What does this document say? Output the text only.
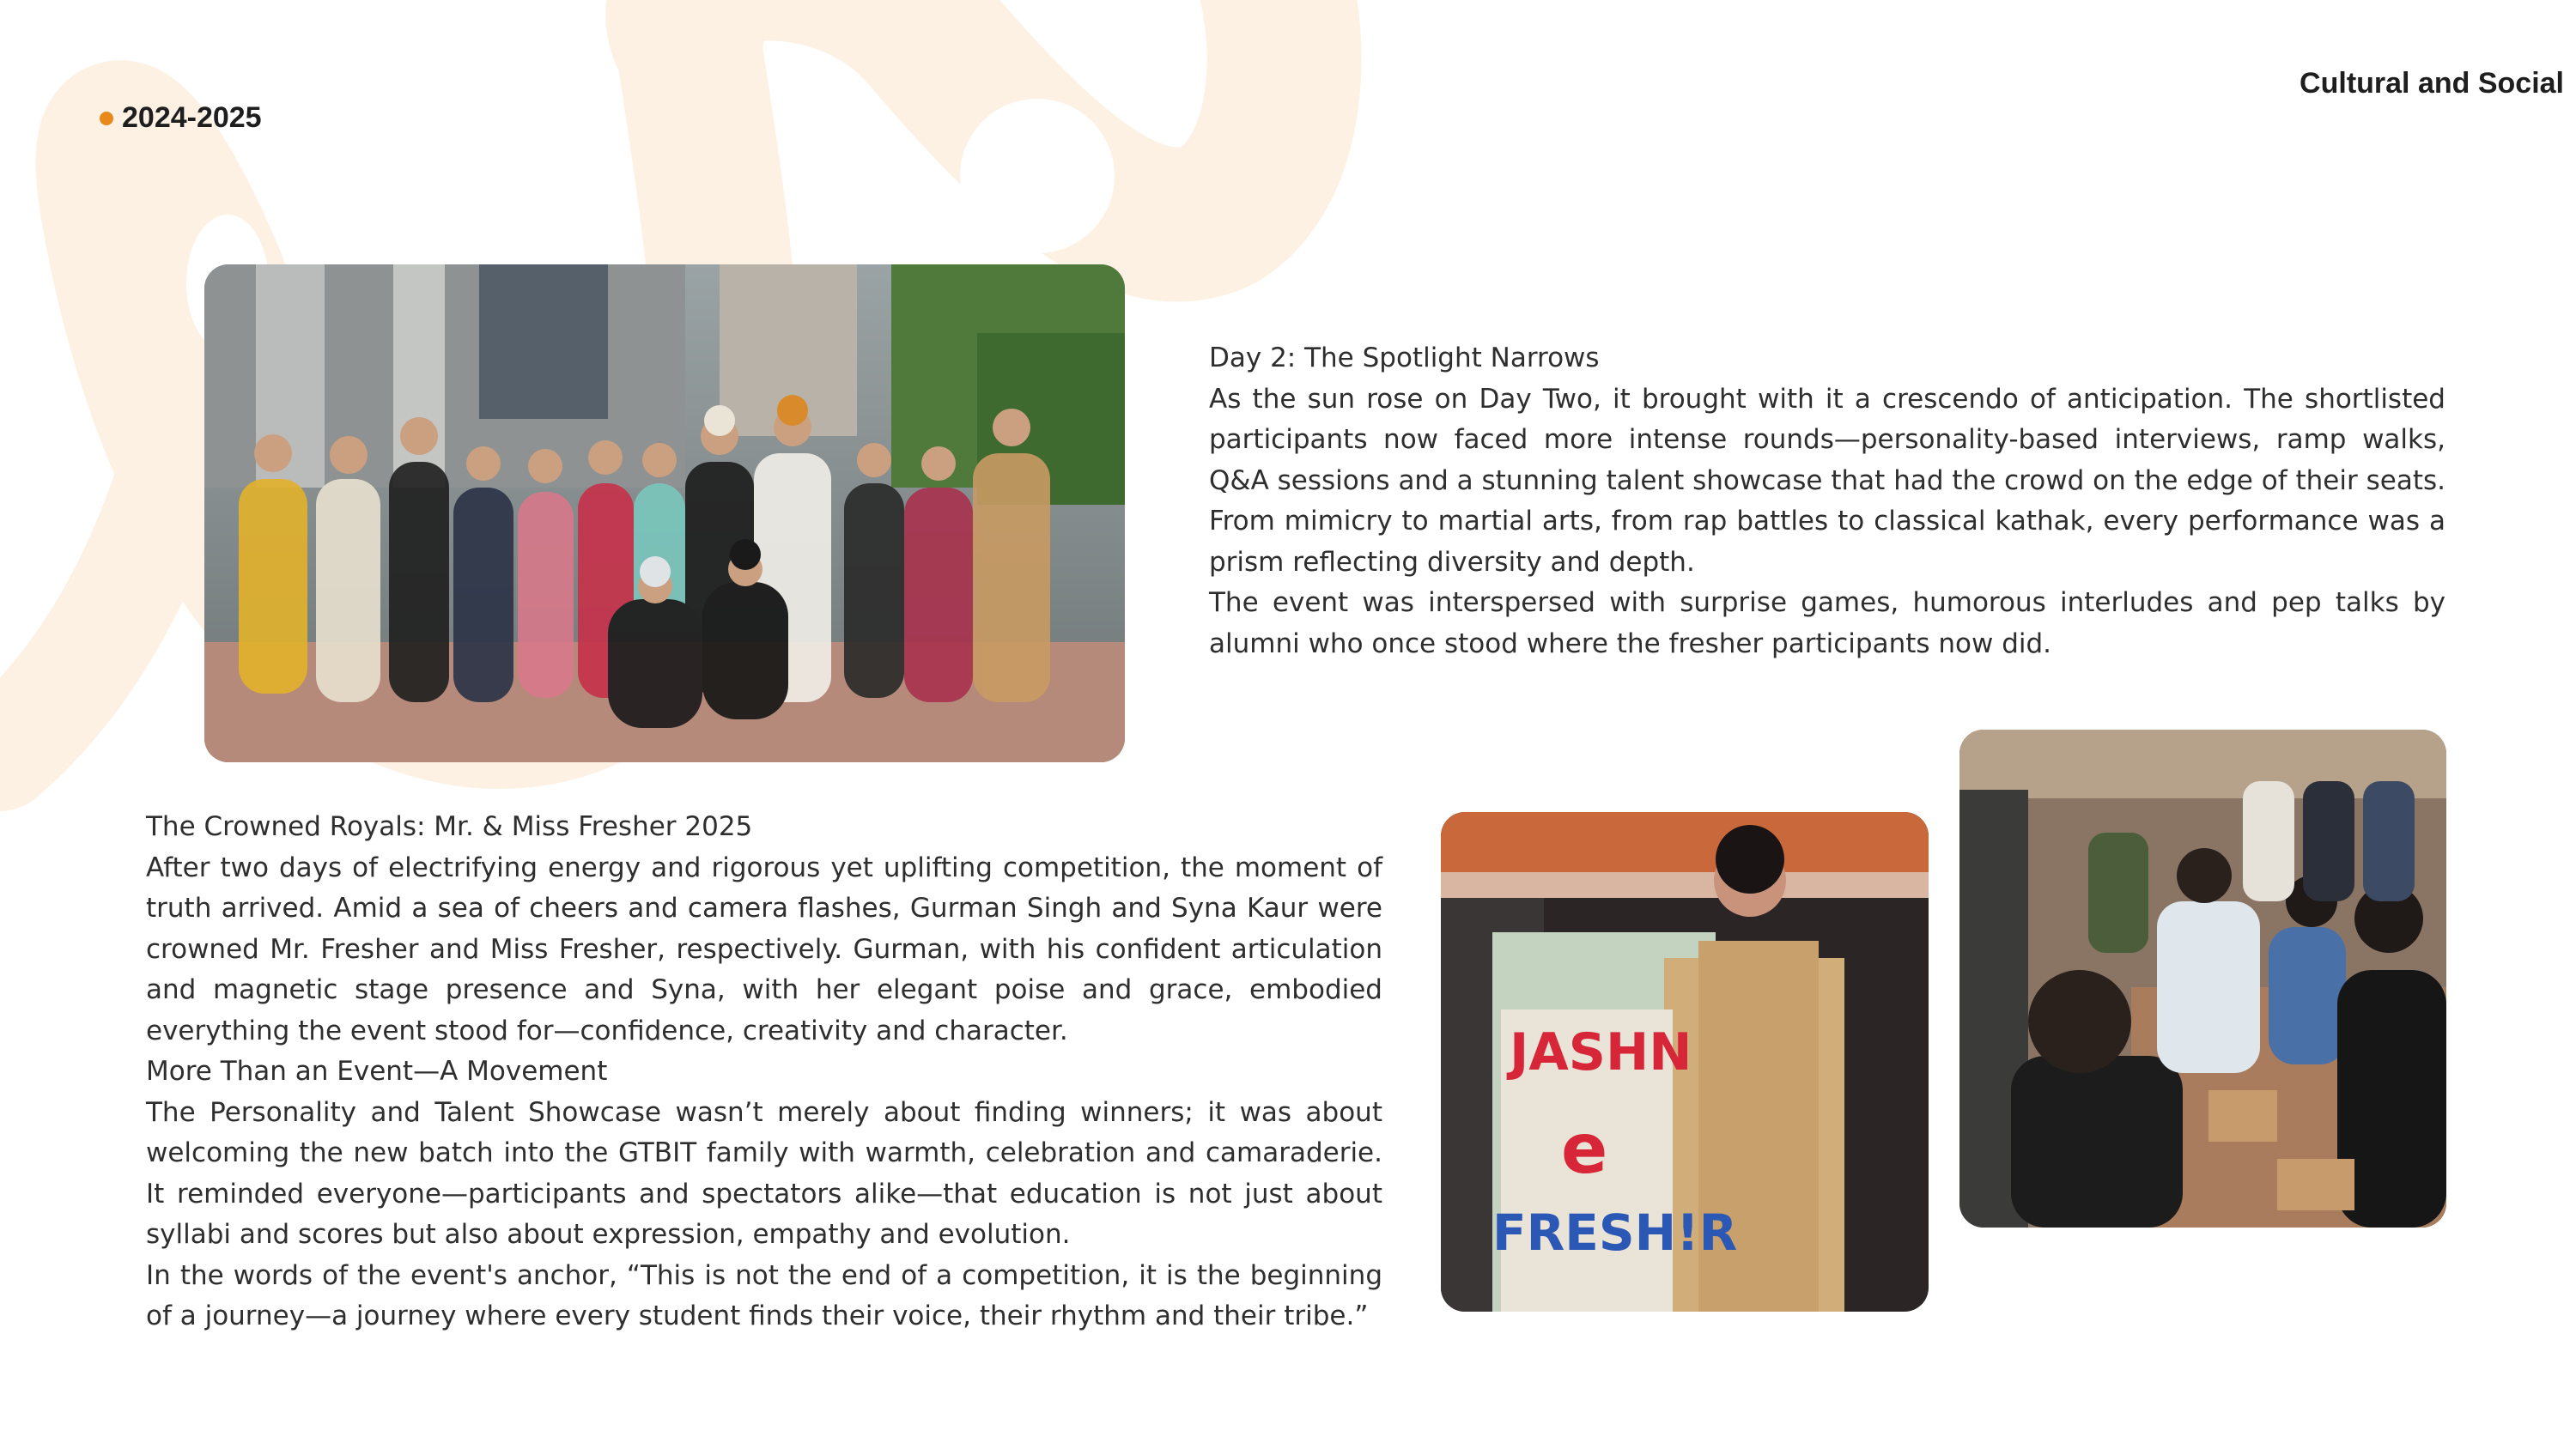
2024-2025
Cultural and Social

Day 2: The Spotlight Narrows

As the sun rose on Day Two, it brought with it a crescendo of anticipation. The shortlisted participants now faced more intense rounds—personality-based interviews, ramp walks, Q&A sessions and a stunning talent showcase that had the crowd on the edge of their seats. From mimicry to martial arts, from rap battles to classical kathak, every performance was a prism reflecting diversity and depth.

The event was interspersed with surprise games, humorous interludes and pep talks by alumni who once stood where the fresher participants now did.

The Crowned Royals: Mr. & Miss Fresher 2025

After two days of electrifying energy and rigorous yet uplifting competition, the moment of truth arrived. Amid a sea of cheers and camera flashes, Gurman Singh and Syna Kaur were crowned Mr. Fresher and Miss Fresher, respectively. Gurman, with his confident articulation and magnetic stage presence and Syna, with her elegant poise and grace, embodied everything the event stood for—confidence, creativity and character.

More Than an Event—A Movement

The Personality and Talent Showcase wasn’t merely about finding winners; it was about welcoming the new batch into the GTBIT family with warmth, celebration and camaraderie. It reminded everyone—participants and spectators alike—that education is not just about syllabi and scores but also about expression, empathy and evolution.

In the words of the event's anchor, “This is not the end of a competition, it is the beginning of a journey—a journey where every student finds their voice, their rhythm and their tribe.”

JASHN
e
FRESH!R
